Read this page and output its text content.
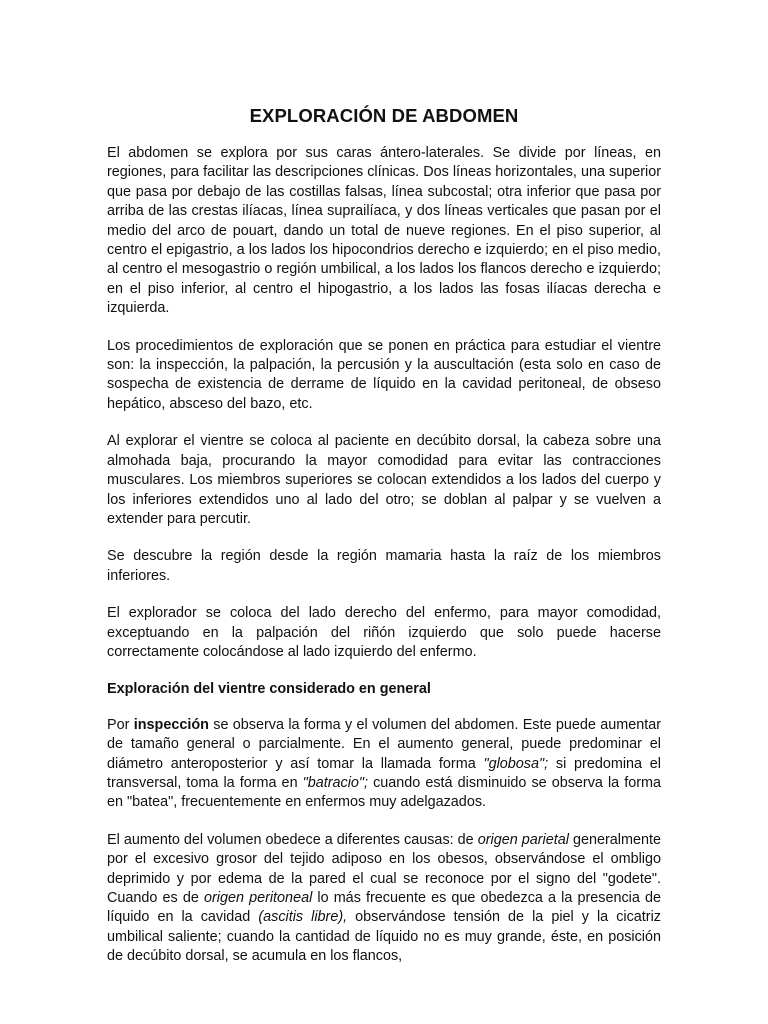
EXPLORACIÓN DE ABDOMEN

El abdomen se explora por sus caras ántero-laterales. Se divide por líneas, en regiones, para facilitar las descripciones clínicas. Dos líneas horizontales, una superior que pasa por debajo de las costillas falsas, línea subcostal; otra inferior que pasa por arriba de las crestas ilíacas, línea suprailíaca, y dos líneas verticales que pasan por el medio del arco de pouart, dando un total de nueve regiones. En el piso superior, al centro el epigastrio, a los lados los hipocondrios derecho e izquierdo; en el piso medio, al centro el mesogastrio o región umbilical, a los lados los flancos derecho e izquierdo; en el piso inferior, al centro el hipogastrio, a los lados las fosas ilíacas derecha e izquierda.

Los procedimientos de exploración que se ponen en práctica para estudiar el vientre son: la inspección, la palpación, la percusión y la auscultación (esta solo en caso de sospecha de existencia de derrame de líquido en la cavidad peritoneal, de obseso hepático, absceso del bazo, etc.

Al explorar el vientre se coloca al paciente en decúbito dorsal, la cabeza sobre una almohada baja, procurando la mayor comodidad para evitar las contracciones musculares. Los miembros superiores se colocan extendidos a los lados del cuerpo y los inferiores extendidos uno al lado del otro; se doblan al palpar y se vuelven a extender para percutir.

Se descubre la región desde la región mamaria hasta la raíz de los miembros inferiores.

El explorador se coloca del lado derecho del enfermo, para mayor comodidad, exceptuando en la palpación del riñón izquierdo que solo puede hacerse correctamente colocándose al lado izquierdo del enfermo.

Exploración del vientre considerado en general

Por inspección se observa la forma y el volumen del abdomen. Este puede aumentar de tamaño general o parcialmente. En el aumento general, puede predominar el diámetro anteroposterior y así tomar la llamada forma "globosa"; si predomina el transversal, toma la forma en "batracio"; cuando está disminuido se observa la forma en "batea", frecuentemente en enfermos muy adelgazados.

El aumento del volumen obedece a diferentes causas: de origen parietal generalmente por el excesivo grosor del tejido adiposo en los obesos, observándose el ombligo deprimido y por edema de la pared el cual se reconoce por el signo del "godete". Cuando es de origen peritoneal lo más frecuente es que obedezca a la presencia de líquido en la cavidad (ascitis libre), observándose tensión de la piel y la cicatriz umbilical saliente; cuando la cantidad de líquido no es muy grande, éste, en posición de decúbito dorsal, se acumula en los flancos,
